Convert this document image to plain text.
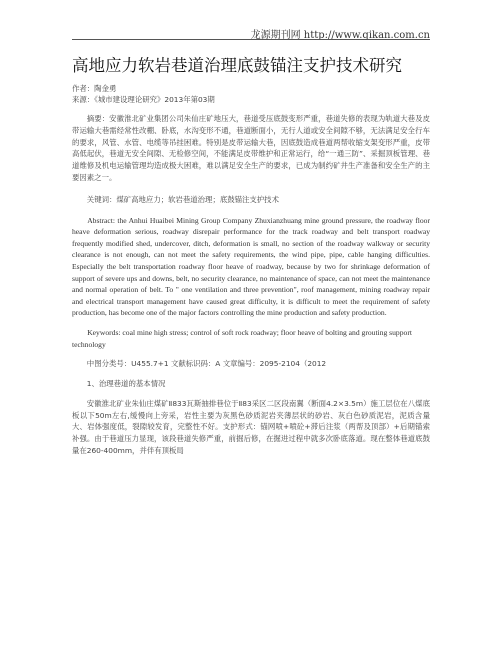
龙源期刊网 http://www.qikan.com.cn
高地应力软岩巷道治理底鼓锚注支护技术研究
作者：陶金勇
来源：《城市建设理论研究》2013年第03期

摘要：安徽淮北矿业集团公司朱仙庄矿地压大，巷道受压底鼓变形严重，巷道失修的表现为轨道大巷及皮带运输大巷需经常性改棚、卧底，水沟变形不通，巷道断面小，无行人道或安全间隙不够，无法满足安全行车的要求，风管、水管、电缆等吊挂困难。特别是皮带运输大巷，因底鼓造成巷道两帮收缩支架变形严重，皮带高低起伏，巷道无安全间隙、无检修空间，不能满足皮带维护和正常运行，给“一通三防”、采掘顶板管理、巷道维修及机电运输管理均造成极大困难，难以满足安全生产的要求，已成为制约矿井生产准备和安全生产的主要因素之一。

关键词：煤矿高地应力；软岩巷道治理；底鼓锚注支护技术

Abstract: the Anhui Huaibei Mining Group Company Zhuxianzhuang mine ground pressure, the roadway floor heave deformation serious, roadway disrepair performance for the track roadway and belt transport roadway frequently modified shed, undercover, ditch, deformation is small, no section of the roadway walkway or security clearance is not enough, can not meet the safety requirements, the wind pipe, pipe, cable hanging difficulties. Especially the belt transportation roadway floor heave of roadway, because by two for shrinkage deformation of support of severe ups and downs, belt, no security clearance, no maintenance of space, can not meet the maintenance and normal operation of belt. To " one ventilation and three prevention", roof management, mining roadway repair and electrical transport management have caused great difficulty, it is difficult to meet the requirement of safety production, has become one of the major factors controlling the mine production and safety production.

Keywords: coal mine high stress; control of soft rock roadway; floor heave of bolting and grouting support technology

中图分类号：U455.7+1 文献标识码：A 文章编号：2095-2104（2012

1、治理巷道的基本情况

安徽淮北矿业朱仙庄煤矿Ⅱ833瓦斯抽排巷位于Ⅱ83采区二区段南翼（断面4.2×3.5m）施工层位在八煤底板以下50m左右,缓慢向上旁采，岩性主要为灰黑色砂质泥岩夹薄层状的砂岩、灰白色砂质泥岩，泥质含量大、岩体强度低，裂隙较发育，完整性不好。支护形式：锚网喷+喷砼+滞后注浆（两帮及顶部）+后期锚索补强。由于巷道压力显现，该段巷道失修严重，前掘后修，在掘进过程中就多次卧底落道。现在整体巷道底鼓量在260-400mm，并伴有顶板局
